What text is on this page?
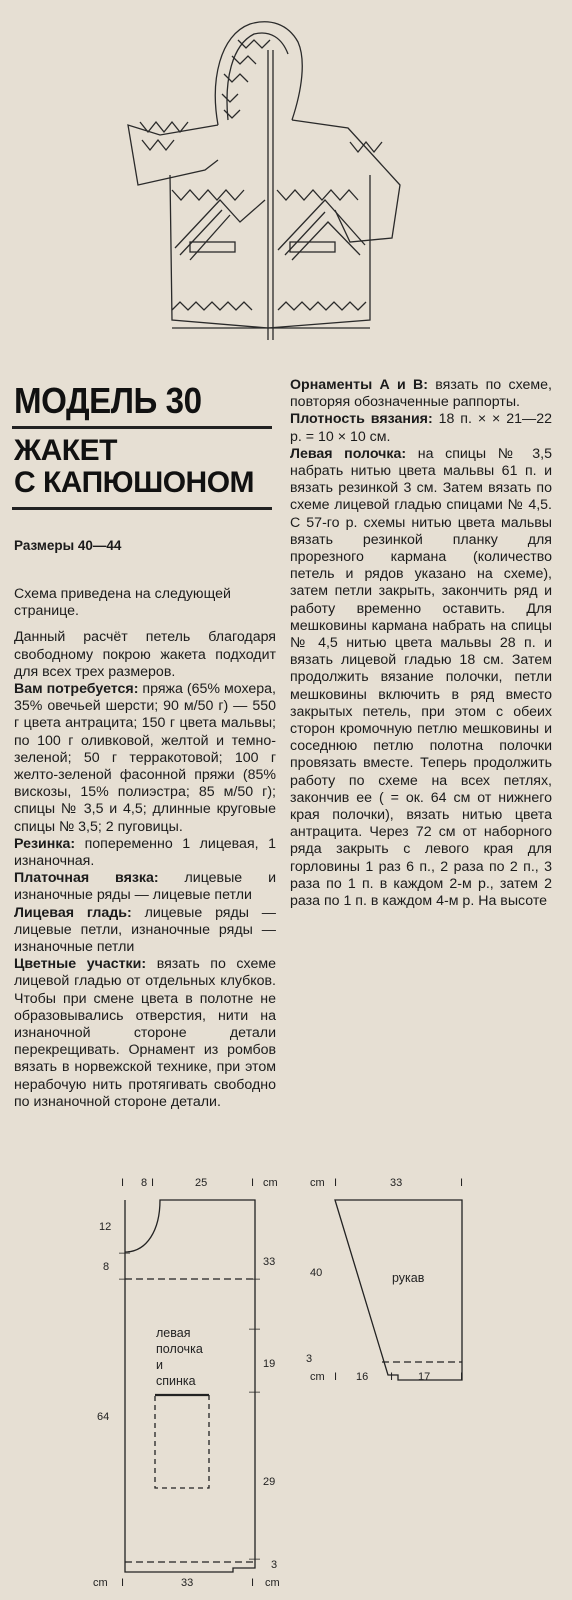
МОДЕЛЬ 30
ЖАКЕТ
С КАПЮШОНОМ
Размеры 40—44

Схема приведена на следующей странице.

Данный расчёт петель благодаря свободному покрою жакета подходит для всех трех размеров.

Вам потребуется: пряжа (65% мохера, 35% овечьей шерсти; 90 м/50 г) — 550 г цвета антрацита; 150 г цвета мальвы; по 100 г оливковой, желтой и темно-зеленой; 50 г терракотовой; 100 г желто-зеленой фасонной пряжи (85% вискозы, 15% полиэстра; 85 м/50 г); спицы № 3,5 и 4,5; длинные круговые спицы № 3,5; 2 пуговицы.

Резинка: попеременно 1 лицевая, 1 изнаночная.

Платочная вязка: лицевые и изнаночные ряды — лицевые петли

Лицевая гладь: лицевые ряды — лицевые петли, изнаночные ряды — изнаночные петли

Цветные участки: вязать по схеме лицевой гладью от отдельных клубков. Чтобы при смене цвета в полотне не образовывались отверстия, нити на изнаночной стороне детали перекрещивать. Орнамент из ромбов вязать в норвежской технике, при этом нерабочую нить протягивать свободно по изнаночной стороне детали.

Орнаменты А и В: вязать по схеме, повторяя обозначенные раппорты.

Плотность вязания: 18 п. × × 21—22 р. = 10 × 10 см.

Левая полочка: на спицы № 3,5 набрать нитью цвета мальвы 61 п. и вязать резинкой 3 см. Затем вязать по схеме лицевой гладью спицами № 4,5. С 57-го р. схемы нитью цвета мальвы вязать резинкой планку для прорезного кармана (количество петель и рядов указано на схеме), затем петли закрыть, закончить ряд и работу временно оставить. Для мешковины кармана набрать на спицы № 4,5 нитью цвета мальвы 28 п. и вязать лицевой гладью 18 см. Затем продолжить вязание полочки, петли мешковины включить в ряд вместо закрытых петель, при этом с обеих сторон кромочную петлю мешковины и соседнюю петлю полотна полочки провязать вместе. Теперь продолжить работу по схеме на всех петлях, закончив ее ( = ок. 64 см от нижнего края полочки), вязать нитью цвета антрацита. Через 72 см от наборного ряда закрыть с левого края для горловины 1 раз 6 п., 2 раза по 2 п., 3 раза по 1 п. в каждом 2-м р., затем 2 раза по 1 п. в каждом 4-м р. На высоте

I 8 I	25	I cm
12
8
64
—
—
33
19
29
3
—
—
—
—
cm I	33	I cm
левая
полочка
и
спинка
cm I	33	I
40
3
cm I 16 I 17	I
рукав
